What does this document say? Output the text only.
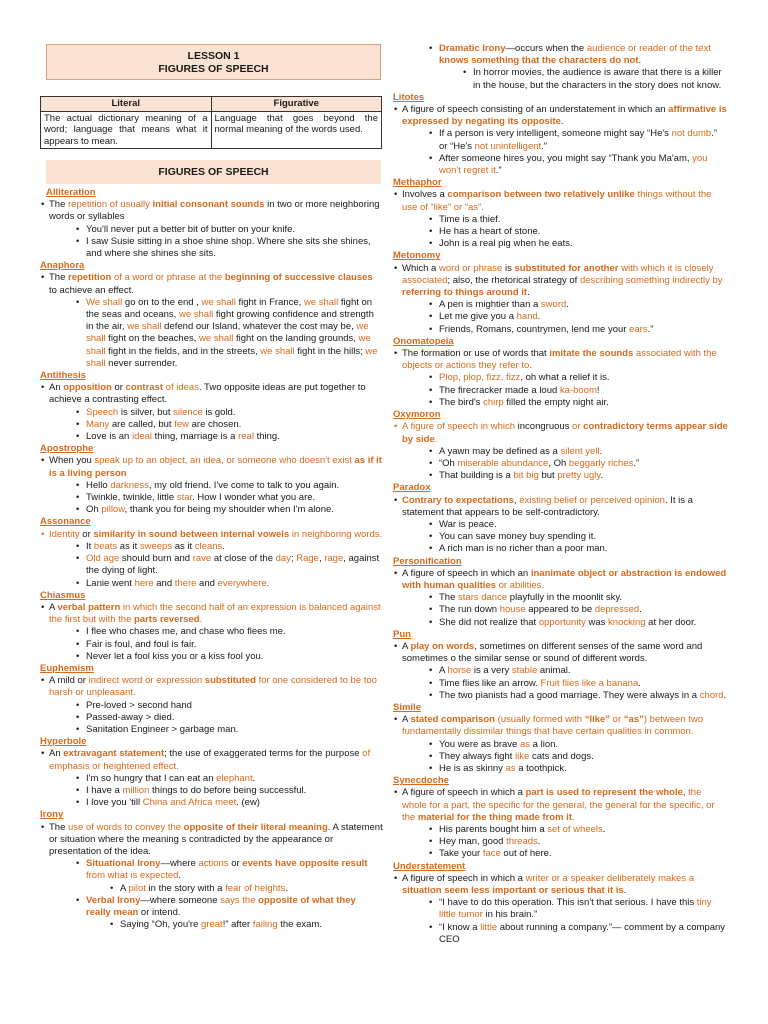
LESSON 1
FIGURES OF SPEECH
Literal	Figurative
The actual dictionary meaning of a word; language that means what it appears to mean.	Language that goes beyond the normal meaning of the words used.
FIGURES OF SPEECH
Alliteration
• The repetition of usually initial consonant sounds in two or more neighboring words or syllables
• You'll never put a better bit of butter on your knife.
• I saw Susie sitting in a shoe shine shop. Where she sits she shines, and where she shines she sits.
Anaphora
• The repetition of a word or phrase at the beginning of successive clauses to achieve an effect.
• We shall go on to the end , we shall fight in France, we shall fight on the seas and oceans, we shall fight growing confidence and strength in the air, we shall defend our Island, whatever the cost may be, we shall fight on the beaches, we shall fight on the landing grounds, we shall fight in the fields, and in the streets, we shall fight in the hills; we shall never surrender.
Antithesis
• An opposition or contrast of ideas. Two opposite ideas are put together to achieve a contrasting effect.
• Speech is silver, but silence is gold.
• Many are called, but few are chosen.
• Love is an ideal thing, marriage is a real thing.
Apostrophe
• When you speak up to an object, an idea, or someone who doesn't exist as if it is a living person
• Hello darkness, my old friend. I've come to talk to you again.
• Twinkle, twinkle, little star. How I wonder what you are.
• Oh pillow, thank you for being my shoulder when I'm alone.
Assonance
• Identity or similarity in sound between internal vowels in neighboring words.
• It beats as it sweeps as it cleans.
• Old age should burn and rave at close of the day; Rage, rage, against the dying of light.
• Lanie went here and there and everywhere.
Chiasmus
• A verbal pattern in which the second half of an expression is balanced against the first but with the parts reversed.
• I flee who chases me, and chase who flees me.
• Fair is foul, and foul is fair.
• Never let a fool kiss you or a kiss fool you.
Euphemism
• A mild or indirect word or expression substituted for one considered to be too harsh or unpleasant.
• Pre-loved > second hand
• Passed-away > died.
• Sanitation Engineer > garbage man.
Hyperbole
• An extravagant statement; the use of exaggerated terms for the purpose of emphasis or heightened effect.
• I'm so hungry that I can eat an elephant.
• I have a million things to do before being successful.
• I love you 'till China and Africa meet. (ew)
Irony
• The use of words to convey the opposite of their literal meaning. A statement or situation where the meaning s contradicted by the appearance or presentation of the idea.
• Situational Irony—where actions or events have opposite result from what is expected.
• A pilot in the story with a fear of heights.
• Verbal Irony—where someone says the opposite of what they really mean or intend.
• Saying “Oh, you're great!” after failing the exam.
• Dramatic Irony—occurs when the audience or reader of the text knows something that the characters do not.
• In horror movies, the audience is aware that there is a killer in the house, but the characters in the story does not know.
Litotes
• A figure of speech consisting of an understatement in which an affirmative is expressed by negating its opposite.
• If a person is very intelligent, someone might say “He's not dumb.” or “He's not unintelligent.”
• After someone hires you, you might say “Thank you Ma'am, you won't regret it.”
Methaphor
• Involves a comparison between two relatively unlike things without the use of “like” or “as”.
• Time is a thief.
• He has a heart of stone.
• John is a real pig when he eats.
Metonomy
• Which a word or phrase is substituted for another with which it is closely associated; also, the rhetorical strategy of describing something indirectly by referring to things around it.
• A pen is mightier than a sword.
• Let me give you a hand.
• Friends, Romans, countrymen, lend me your ears.”
Onomatopeia
• The formation or use of words that imitate the sounds associated with the objects or actions they refer to.
• Plop, plop, fizz, fizz, oh what a relief it is.
• The firecracker made a loud ka-boom!
• The bird's chirp filled the empty night air.
Oxymoron
• A figure of speech in which incongruous or contradictory terms appear side by side.
• A yawn may be defined as a silent yell.
• “Oh miserable abundance, Oh beggarly riches.”
• That building is a bit big but pretty ugly.
Paradox
• Contrary to expectations, existing belief or perceived opinion. It is a statement that appears to be self-contradictory.
• War is peace.
• You can save money buy spending it.
• A rich man is no richer than a poor man.
Personification
• A figure of speech in which an inanimate object or abstraction is endowed with human qualities or abilities.
• The stars dance playfully in the moonlit sky.
• The run down house appeared to be depressed.
• She did not realize that opportunity was knocking at her door.
Pun
• A play on words, sometimes on different senses of the same word and sometimes o the similar sense or sound of different words.
• A horse is a very stable animal.
• Time flies like an arrow. Fruit flies like a banana.
• The two pianists had a good marriage. They were always in a chord.
Simile
• A stated comparison (usually formed with “like” or “as”) between two fundamentally dissimilar things that have certain qualities in common.
• You were as brave as a lion.
• They always fight like cats and dogs.
• He is as skinny as a toothpick.
Synecdoche
• A figure of speech in which a part is used to represent the whole, the whole for a part, the specific for the general, the general for the specific, or the material for the thing made from it.
• His parents bought him a set of wheels.
• Hey man, good threads.
• Take your face out of here.
Understatement
• A figure of speech in which a writer or a speaker deliberately makes a situation seem less important or serious that it is.
• “I have to do this operation. This isn't that serious. I have this tiny little tumor in his brain.”
• “I know a little about running a company.”— comment by a company CEO
